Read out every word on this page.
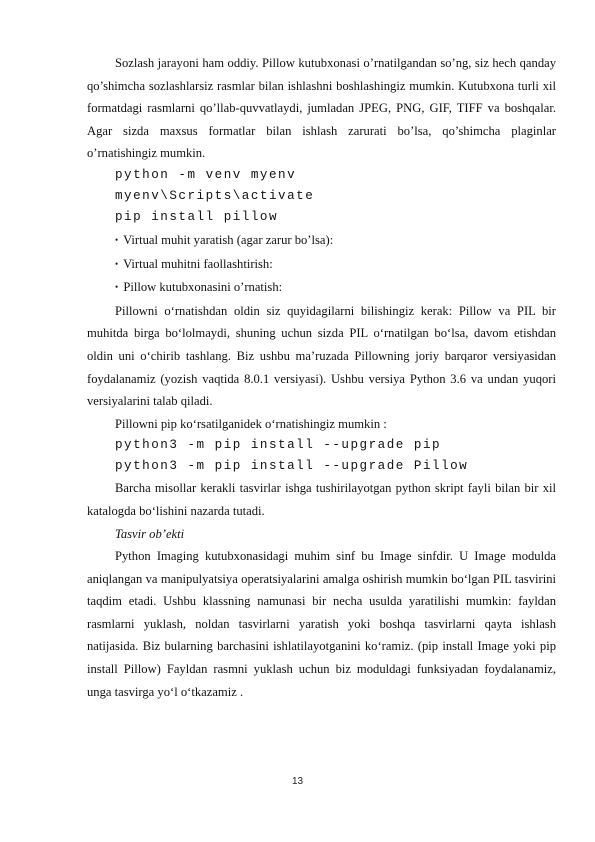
Sozlash jarayoni ham oddiy. Pillow kutubxonasi o’rnatilgandan so’ng, siz hech qanday qo’shimcha sozlashlarsiz rasmlar bilan ishlashni boshlashingiz mumkin. Kutubxona turli xil formatdagi rasmlarni qo’llab-quvvatlaydi, jumladan JPEG, PNG, GIF, TIFF va boshqalar. Agar sizda maxsus formatlar bilan ishlash zarurati bo’lsa, qo’shimcha plaginlar o’rnatishingiz mumkin.

python -m venv myenv

myenv\Scripts\activate

pip install pillow

• Virtual muhit yaratish (agar zarur bo’lsa):

• Virtual muhitni faollashtirish:

• Pillow kutubxonasini o’rnatish:

Pillowni oʻrnatishdan oldin siz quyidagilarni bilishingiz kerak: Pillow va PIL bir muhitda birga boʻlolmaydi, shuning uchun sizda PIL oʻrnatilgan boʻlsa, davom etishdan oldin uni oʻchirib tashlang. Biz ushbu maʼruzada Pillowning joriy barqaror versiyasidan foydalanamiz (yozish vaqtida 8.0.1 versiyasi). Ushbu versiya Python 3.6 va undan yuqori versiyalarini talab qiladi.

Pillowni pip koʻrsatilganidek oʻrnatishingiz mumkin :

python3 -m pip install --upgrade pip

python3 -m pip install --upgrade Pillow

Barcha misollar kerakli tasvirlar ishga tushirilayotgan python skript fayli bilan bir xil katalogda boʻlishini nazarda tutadi.

Tasvir obʼekti

Python Imaging kutubxonasidagi muhim sinf bu Image sinfdir. U Image modulda aniqlangan va manipulyatsiya operatsiyalarini amalga oshirish mumkin boʻlgan PIL tasvirini taqdim etadi. Ushbu klassning namunasi bir necha usulda yaratilishi mumkin: fayldan rasmlarni yuklash, noldan tasvirlarni yaratish yoki boshqa tasvirlarni qayta ishlash natijasida. Biz bularning barchasini ishlatilayotganini koʻramiz. (pip install Image yoki pip install Pillow) Fayldan rasmni yuklash uchun biz moduldagi funksiyadan foydalanamiz, unga tasvirga yoʻl oʻtkazamiz .

13
